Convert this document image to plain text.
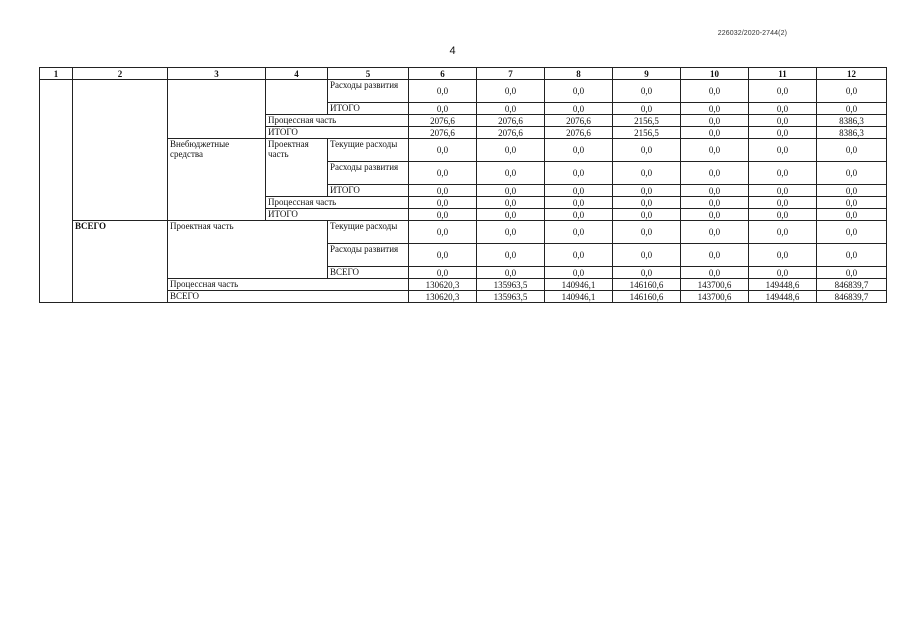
226032/2020-2744(2)
4
1	2	3	4	5	6	7	8	9	10	11	12
				Расходы развития	0,0	0,0	0,0	0,0	0,0	0,0	0,0
				ИТОГО	0,0	0,0	0,0	0,0	0,0	0,0	0,0
			Процессная часть		2076,6	2076,6	2076,6	2156,5	0,0	0,0	8386,3
			ИТОГО		2076,6	2076,6	2076,6	2156,5	0,0	0,0	8386,3
		Внебюджетные средства	Проектная часть	Текущие расходы	0,0	0,0	0,0	0,0	0,0	0,0	0,0
				Расходы развития	0,0	0,0	0,0	0,0	0,0	0,0	0,0
				ИТОГО	0,0	0,0	0,0	0,0	0,0	0,0	0,0
			Процессная часть		0,0	0,0	0,0	0,0	0,0	0,0	0,0
			ИТОГО		0,0	0,0	0,0	0,0	0,0	0,0	0,0
	ВСЕГО	Проектная часть		Текущие расходы	0,0	0,0	0,0	0,0	0,0	0,0	0,0
				Расходы развития	0,0	0,0	0,0	0,0	0,0	0,0	0,0
				ВСЕГО	0,0	0,0	0,0	0,0	0,0	0,0	0,0
		Процессная часть			130620,3	135963,5	140946,1	146160,6	143700,6	149448,6	846839,7
		ВСЕГО			130620,3	135963,5	140946,1	146160,6	143700,6	149448,6	846839,7
